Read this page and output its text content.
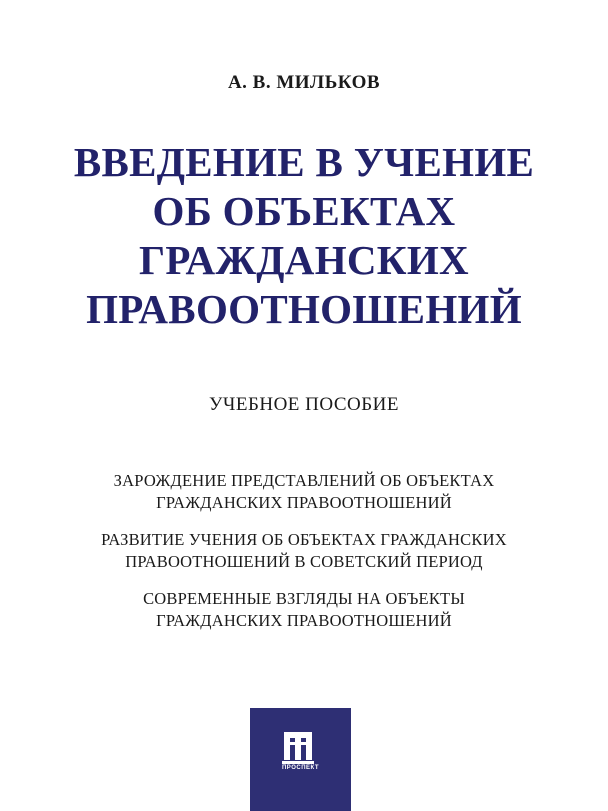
А. В. МИЛЬКОВ
ВВЕДЕНИЕ В УЧЕНИЕ
ОБ ОБЪЕКТАХ
ГРАЖДАНСКИХ
ПРАВООТНОШЕНИЙ
УЧЕБНОЕ ПОСОБИЕ
ЗАРОЖДЕНИЕ ПРЕДСТАВЛЕНИЙ ОБ ОБЪЕКТАХ
ГРАЖДАНСКИХ ПРАВООТНОШЕНИЙ
РАЗВИТИЕ УЧЕНИЯ ОБ ОБЪЕКТАХ ГРАЖДАНСКИХ
ПРАВООТНОШЕНИЙ В СОВЕТСКИЙ ПЕРИОД
СОВРЕМЕННЫЕ ВЗГЛЯДЫ НА ОБЪЕКТЫ
ГРАЖДАНСКИХ ПРАВООТНОШЕНИЙ
ПРОСПЕКТ
